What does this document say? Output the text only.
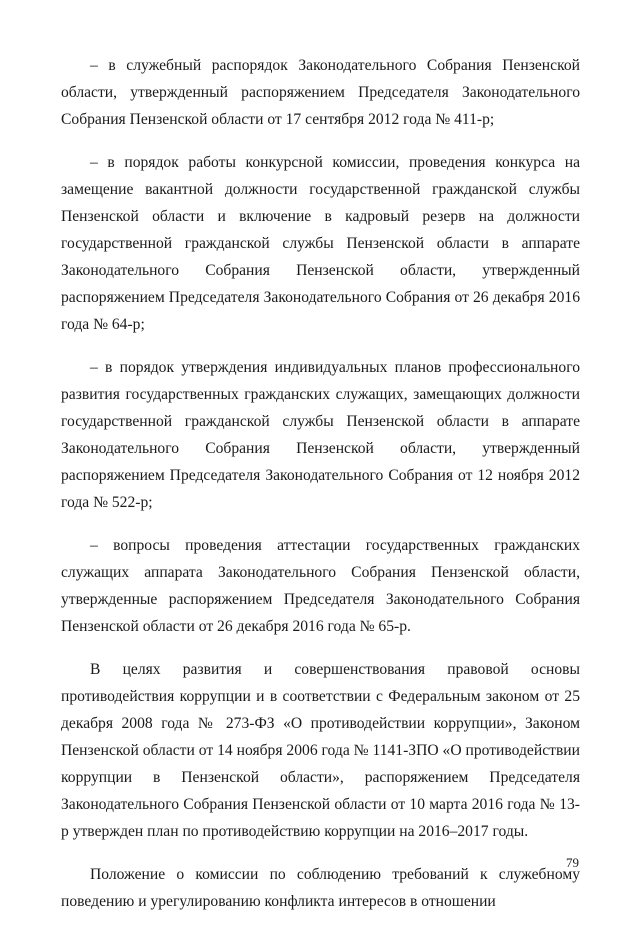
– в служебный распорядок Законодательного Собрания Пензенской области, утвержденный распоряжением Председателя Законодательного Собрания Пензенской области от 17 сентября 2012 года № 411-р;

– в порядок работы конкурсной комиссии, проведения конкурса на замещение вакантной должности государственной гражданской службы Пензенской области и включение в кадровый резерв на должности государственной гражданской службы Пензенской области в аппарате Законодательного Собрания Пензенской области, утвержденный распоряжением Председателя Законодательного Собрания от 26 декабря 2016 года № 64-р;

– в порядок утверждения индивидуальных планов профессионального развития государственных гражданских служащих, замещающих должности государственной гражданской службы Пензенской области в аппарате Законодательного Собрания Пензенской области, утвержденный распоряжением Председателя Законодательного Собрания от 12 ноября 2012 года № 522-р;

– вопросы проведения аттестации государственных гражданских служащих аппарата Законодательного Собрания Пензенской области, утвержденные распоряжением Председателя Законодательного Собрания Пензенской области от 26 декабря 2016 года № 65-р.

В целях развития и совершенствования правовой основы противодействия коррупции и в соответствии с Федеральным законом от 25 декабря 2008 года № 273-ФЗ «О противодействии коррупции», Законом Пензенской области от 14 ноября 2006 года № 1141-ЗПО «О противодействии коррупции в Пензенской области», распоряжением Председателя Законодательного Собрания Пензенской области от 10 марта 2016 года № 13-р утвержден план по противодействию коррупции на 2016–2017 годы.

Положение о комиссии по соблюдению требований к служебному поведению и урегулированию конфликта интересов в отношении

79
